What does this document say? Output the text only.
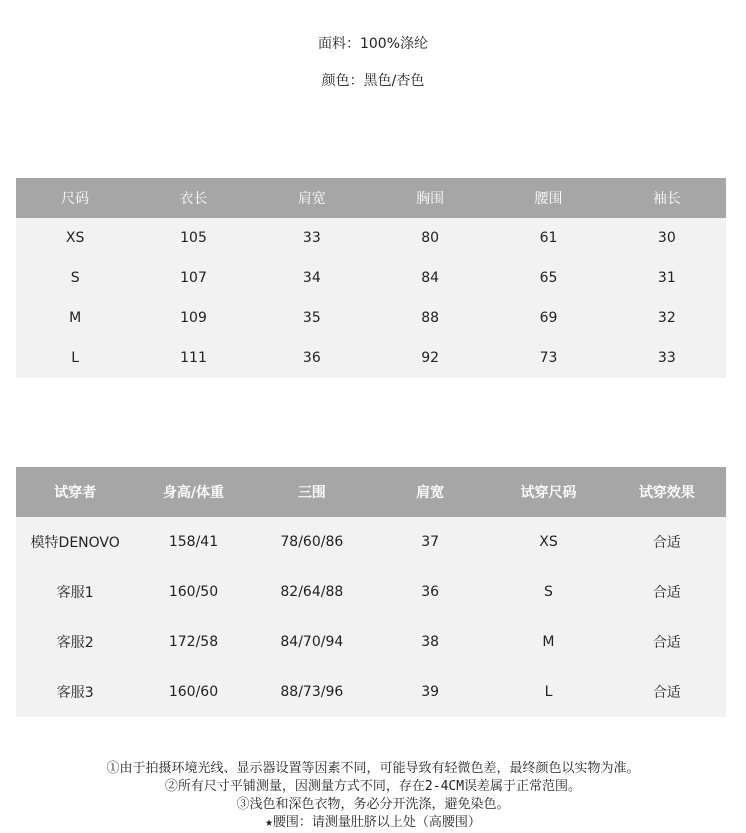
面料：100%涤纶
颜色：黑色/杏色
尺码	衣长	肩宽	胸围	腰围	袖长
XS	105	33	80	61	30
S	107	34	84	65	31
M	109	35	88	69	32
L	111	36	92	73	33
试穿者	身高/体重	三围	肩宽	试穿尺码	试穿效果
模特DENOVO	158/41	78/60/86	37	XS	合适
客服1	160/50	82/64/88	36	S	合适
客服2	172/58	84/70/94	38	M	合适
客服3	160/60	88/73/96	39	L	合适
①由于拍摄环境光线、显示器设置等因素不同，可能导致有轻微色差，最终颜色以实物为准。
②所有尺寸平铺测量，因测量方式不同，存在2-4CM误差属于正常范围。
③浅色和深色衣物，务必分开洗涤，避免染色。
★腰围：请测量肚脐以上处（高腰围）
